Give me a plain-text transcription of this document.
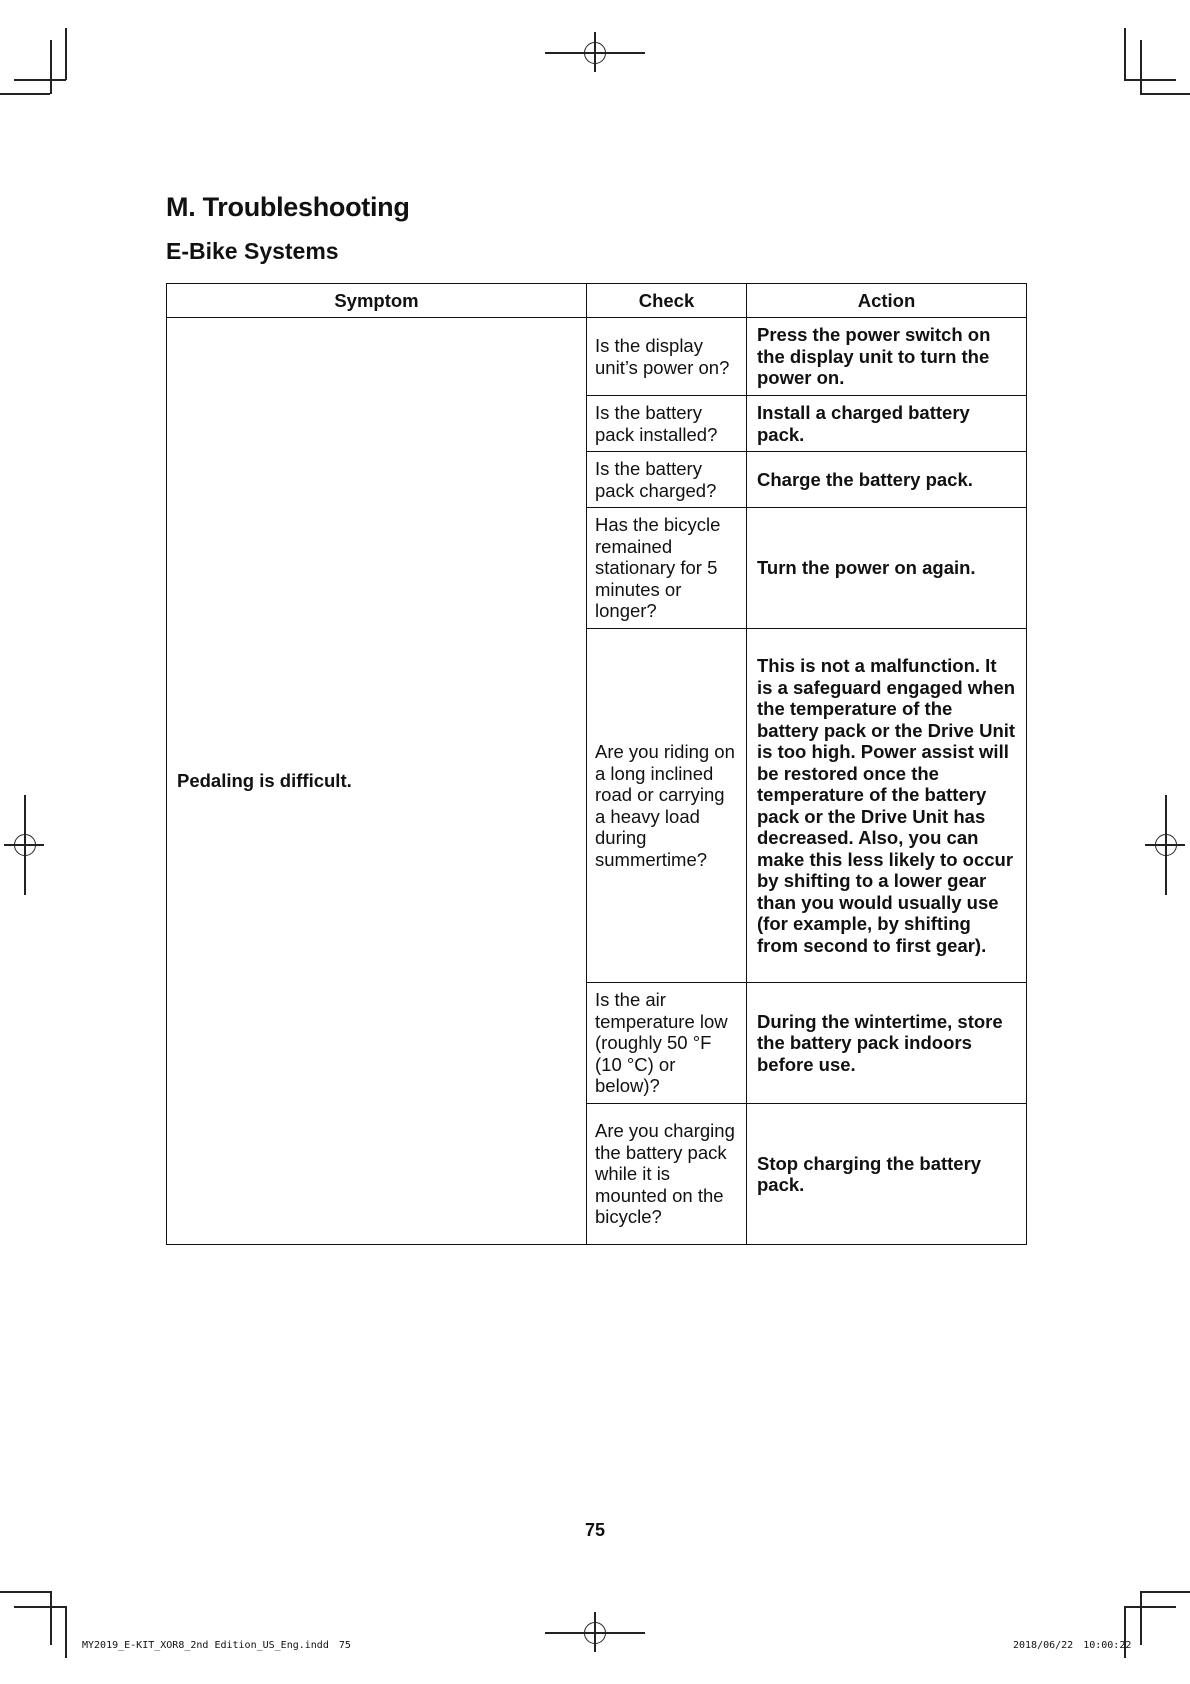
M. Troubleshooting
E-Bike Systems
Symptom	Check	Action
Pedaling is difficult.	Is the display unit’s power on?	Press the power switch on the display unit to turn the power on.
	Is the battery pack installed?	Install a charged battery pack.
	Is the battery pack charged?	Charge the battery pack.
	Has the bicycle remained stationary for 5 minutes or longer?	Turn the power on again.
	Are you riding on a long inclined road or carrying a heavy load during summertime?	This is not a malfunction. It is a safeguard engaged when the temperature of the battery pack or the Drive Unit is too high. Power assist will be restored once the temperature of the battery pack or the Drive Unit has decreased. Also, you can make this less likely to occur by shifting to a lower gear than you would usually use (for example, by shifting from second to first gear).
	Is the air temperature low (roughly 50 °F (10 °C) or below)?	During the wintertime, store the battery pack indoors before use.
	Are you charging the battery pack while it is mounted on the bicycle?	Stop charging the battery pack.
75
MY2019_E-KIT_XOR8_2nd Edition_US_Eng.indd　75	2018/06/22　10:00:22
